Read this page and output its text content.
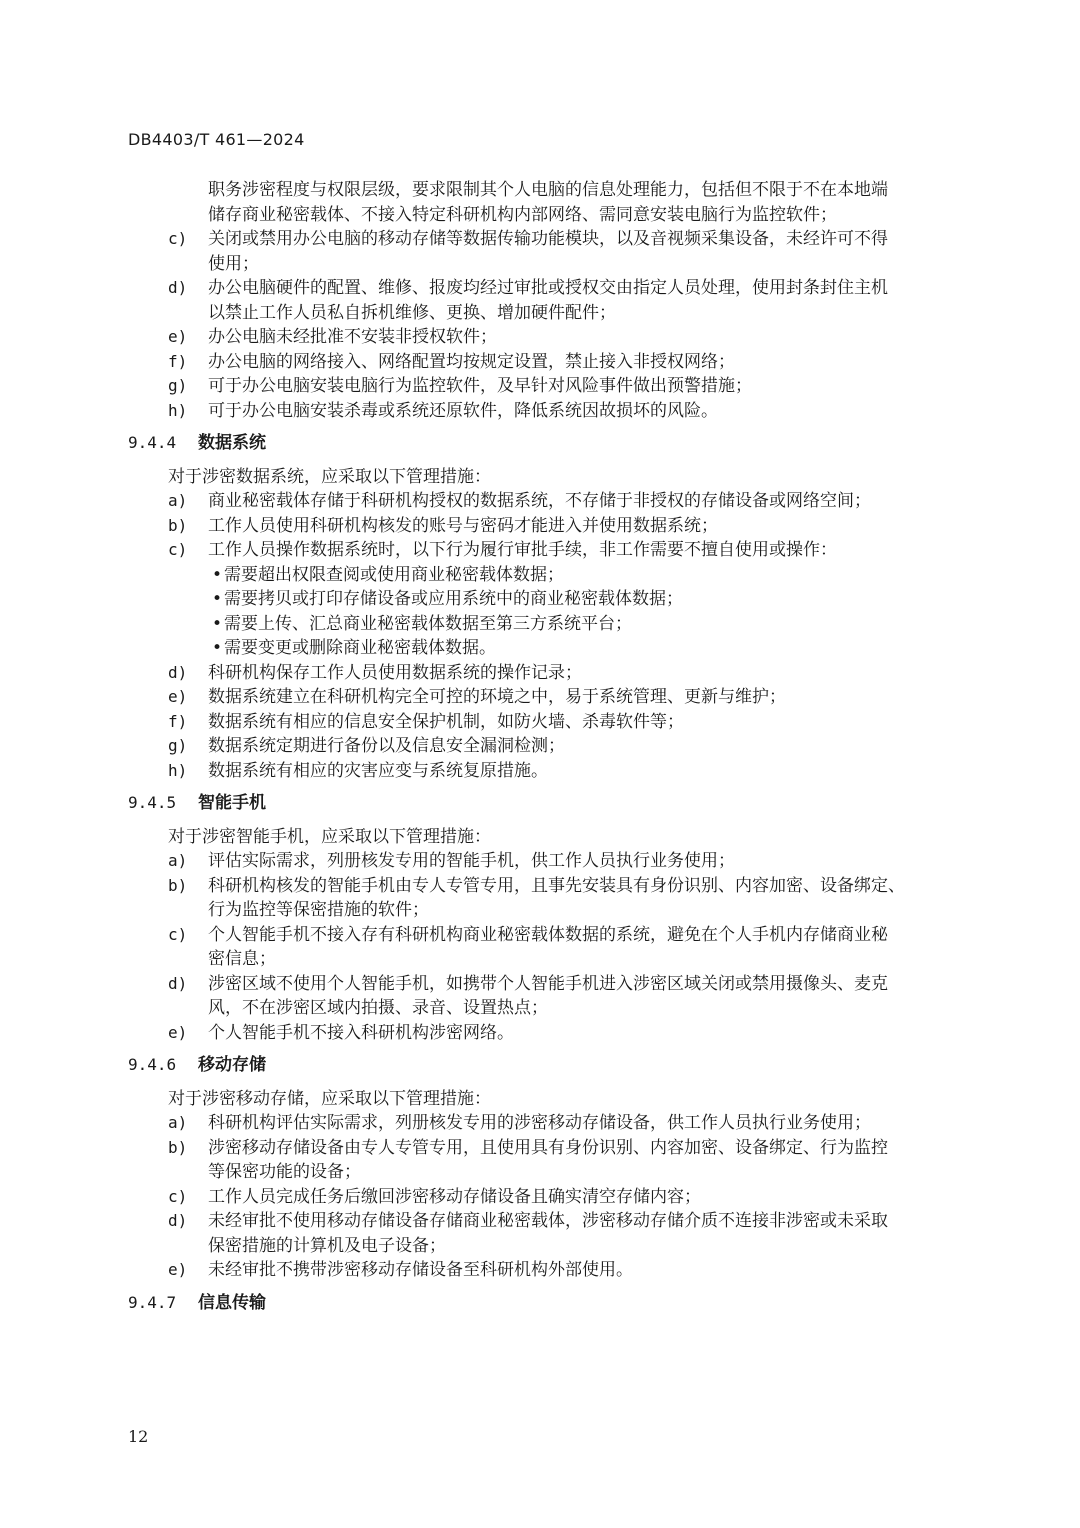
DB4403/T 461—2024
职务涉密程度与权限层级，要求限制其个人电脑的信息处理能力，包括但不限于不在本地端
储存商业秘密载体、不接入特定科研机构内部网络、需同意安装电脑行为监控软件；
c) 关闭或禁用办公电脑的移动存储等数据传输功能模块，以及音视频采集设备，未经许可不得
使用；
d) 办公电脑硬件的配置、维修、报废均经过审批或授权交由指定人员处理，使用封条封住主机
以禁止工作人员私自拆机维修、更换、增加硬件配件；
e) 办公电脑未经批准不安装非授权软件；
f) 办公电脑的网络接入、网络配置均按规定设置，禁止接入非授权网络；
g) 可于办公电脑安装电脑行为监控软件，及早针对风险事件做出预警措施；
h) 可于办公电脑安装杀毒或系统还原软件，降低系统因故损坏的风险。
9.4.4 数据系统
对于涉密数据系统，应采取以下管理措施：
a) 商业秘密载体存储于科研机构授权的数据系统，不存储于非授权的存储设备或网络空间；
b) 工作人员使用科研机构核发的账号与密码才能进入并使用数据系统；
c) 工作人员操作数据系统时，以下行为履行审批手续，非工作需要不擅自使用或操作：
• 需要超出权限查阅或使用商业秘密载体数据；
• 需要拷贝或打印存储设备或应用系统中的商业秘密载体数据；
• 需要上传、汇总商业秘密载体数据至第三方系统平台；
• 需要变更或删除商业秘密载体数据。
d) 科研机构保存工作人员使用数据系统的操作记录；
e) 数据系统建立在科研机构完全可控的环境之中，易于系统管理、更新与维护；
f) 数据系统有相应的信息安全保护机制，如防火墙、杀毒软件等；
g) 数据系统定期进行备份以及信息安全漏洞检测；
h) 数据系统有相应的灾害应变与系统复原措施。
9.4.5 智能手机
对于涉密智能手机，应采取以下管理措施：
a) 评估实际需求，列册核发专用的智能手机，供工作人员执行业务使用；
b) 科研机构核发的智能手机由专人专管专用，且事先安装具有身份识别、内容加密、设备绑定、
行为监控等保密措施的软件；
c) 个人智能手机不接入存有科研机构商业秘密载体数据的系统，避免在个人手机内存储商业秘
密信息；
d) 涉密区域不使用个人智能手机，如携带个人智能手机进入涉密区域关闭或禁用摄像头、麦克
风，不在涉密区域内拍摄、录音、设置热点；
e) 个人智能手机不接入科研机构涉密网络。
9.4.6 移动存储
对于涉密移动存储，应采取以下管理措施：
a) 科研机构评估实际需求，列册核发专用的涉密移动存储设备，供工作人员执行业务使用；
b) 涉密移动存储设备由专人专管专用，且使用具有身份识别、内容加密、设备绑定、行为监控
等保密功能的设备；
c) 工作人员完成任务后缴回涉密移动存储设备且确实清空存储内容；
d) 未经审批不使用移动存储设备存储商业秘密载体，涉密移动存储介质不连接非涉密或未采取
保密措施的计算机及电子设备；
e) 未经审批不携带涉密移动存储设备至科研机构外部使用。
9.4.7 信息传输
12
